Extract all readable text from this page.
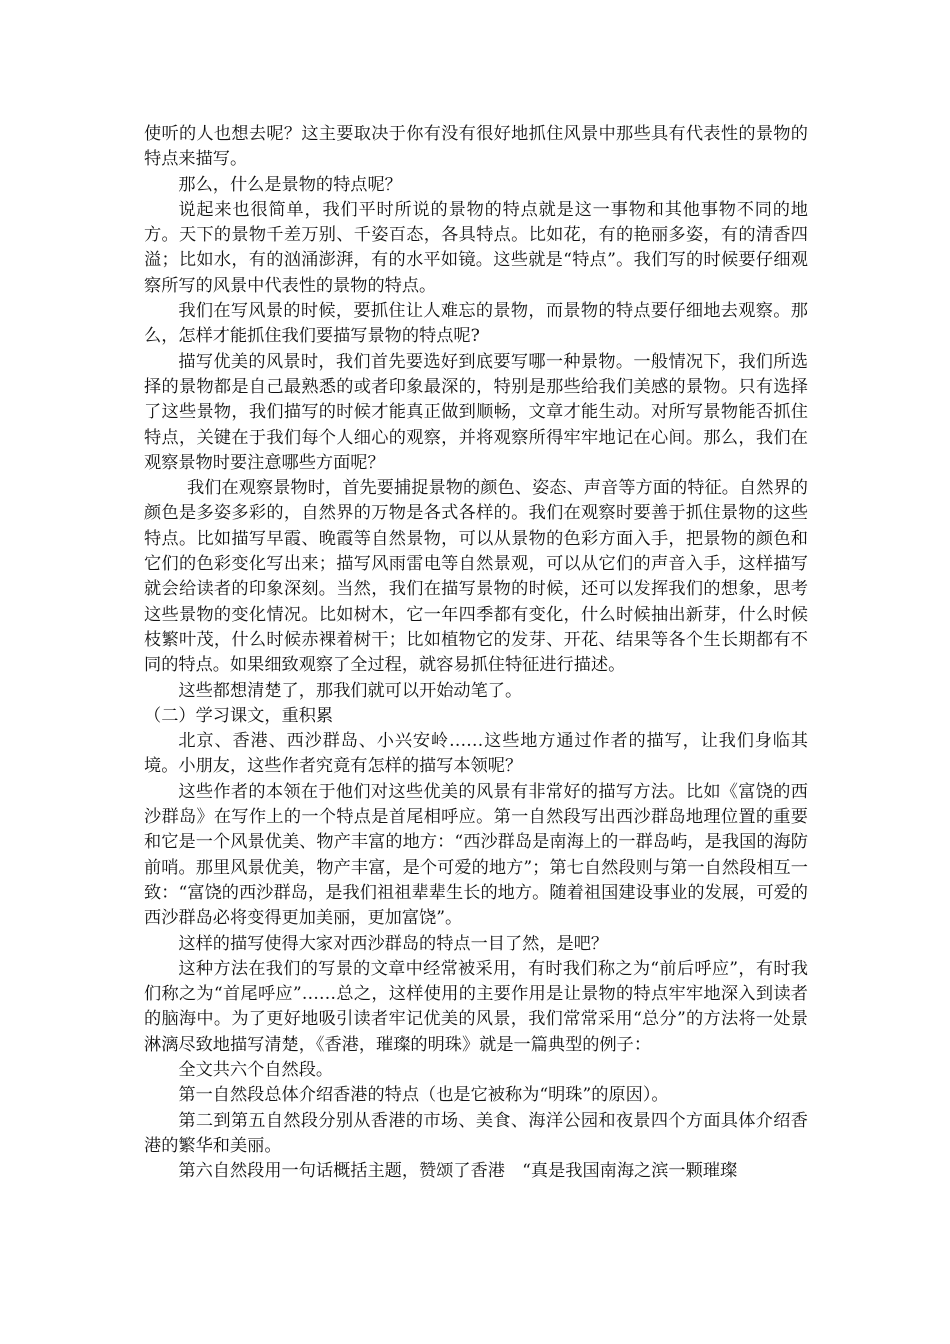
使听的人也想去呢？这主要取决于你有没有很好地抓住风景中那些具有代表性的景物的特点来描写。

那么，什么是景物的特点呢？

说起来也很简单，我们平时所说的景物的特点就是这一事物和其他事物不同的地方。天下的景物千差万别、千姿百态，各具特点。比如花，有的艳丽多姿，有的清香四溢；比如水，有的汹涌澎湃，有的水平如镜。这些就是“特点”。我们写的时候要仔细观察所写的风景中代表性的景物的特点。

我们在写风景的时候，要抓住让人难忘的景物，而景物的特点要仔细地去观察。那么，怎样才能抓住我们要描写景物的特点呢?

描写优美的风景时，我们首先要选好到底要写哪一种景物。一般情况下，我们所选择的景物都是自己最熟悉的或者印象最深的，特别是那些给我们美感的景物。只有选择了这些景物，我们描写的时候才能真正做到顺畅，文章才能生动。对所写景物能否抓住特点，关键在于我们每个人细心的观察，并将观察所得牢牢地记在心间。那么，我们在观察景物时要注意哪些方面呢？

我们在观察景物时，首先要捕捉景物的颜色、姿态、声音等方面的特征。自然界的颜色是多姿多彩的，自然界的万物是各式各样的。我们在观察时要善于抓住景物的这些特点。比如描写早霞、晚霞等自然景物，可以从景物的色彩方面入手，把景物的颜色和它们的色彩变化写出来；描写风雨雷电等自然景观，可以从它们的声音入手，这样描写就会给读者的印象深刻。当然，我们在描写景物的时候，还可以发挥我们的想象，思考这些景物的变化情况。比如树木，它一年四季都有变化，什么时候抽出新芽，什么时候枝繁叶茂，什么时候赤裸着树干；比如植物它的发芽、开花、结果等各个生长期都有不同的特点。如果细致观察了全过程，就容易抓住特征进行描述。

这些都想清楚了，那我们就可以开始动笔了。

（二）学习课文，重积累

北京、香港、西沙群岛、小兴安岭……这些地方通过作者的描写，让我们身临其境。小朋友，这些作者究竟有怎样的描写本领呢？

这些作者的本领在于他们对这些优美的风景有非常好的描写方法。比如《富饶的西沙群岛》在写作上的一个特点是首尾相呼应。第一自然段写出西沙群岛地理位置的重要和它是一个风景优美、物产丰富的地方：“西沙群岛是南海上的一群岛屿，是我国的海防前哨。那里风景优美，物产丰富，是个可爱的地方”；第七自然段则与第一自然段相互一致：“富饶的西沙群岛，是我们祖祖辈辈生长的地方。随着祖国建设事业的发展，可爱的西沙群岛必将变得更加美丽，更加富饶”。

这样的描写使得大家对西沙群岛的特点一目了然，是吧？

这种方法在我们的写景的文章中经常被采用，有时我们称之为“前后呼应”，有时我们称之为“首尾呼应”……总之，这样使用的主要作用是让景物的特点牢牢地深入到读者的脑海中。为了更好地吸引读者牢记优美的风景，我们常常采用“总分”的方法将一处景淋漓尽致地描写清楚，《香港，璀璨的明珠》就是一篇典型的例子：

全文共六个自然段。

第一自然段总体介绍香港的特点（也是它被称为“明珠”的原因）。

第二到第五自然段分别从香港的市场、美食、海洋公园和夜景四个方面具体介绍香港的繁华和美丽。

第六自然段用一句话概括主题，赞颂了香港　“真是我国南海之滨一颗璀璨
